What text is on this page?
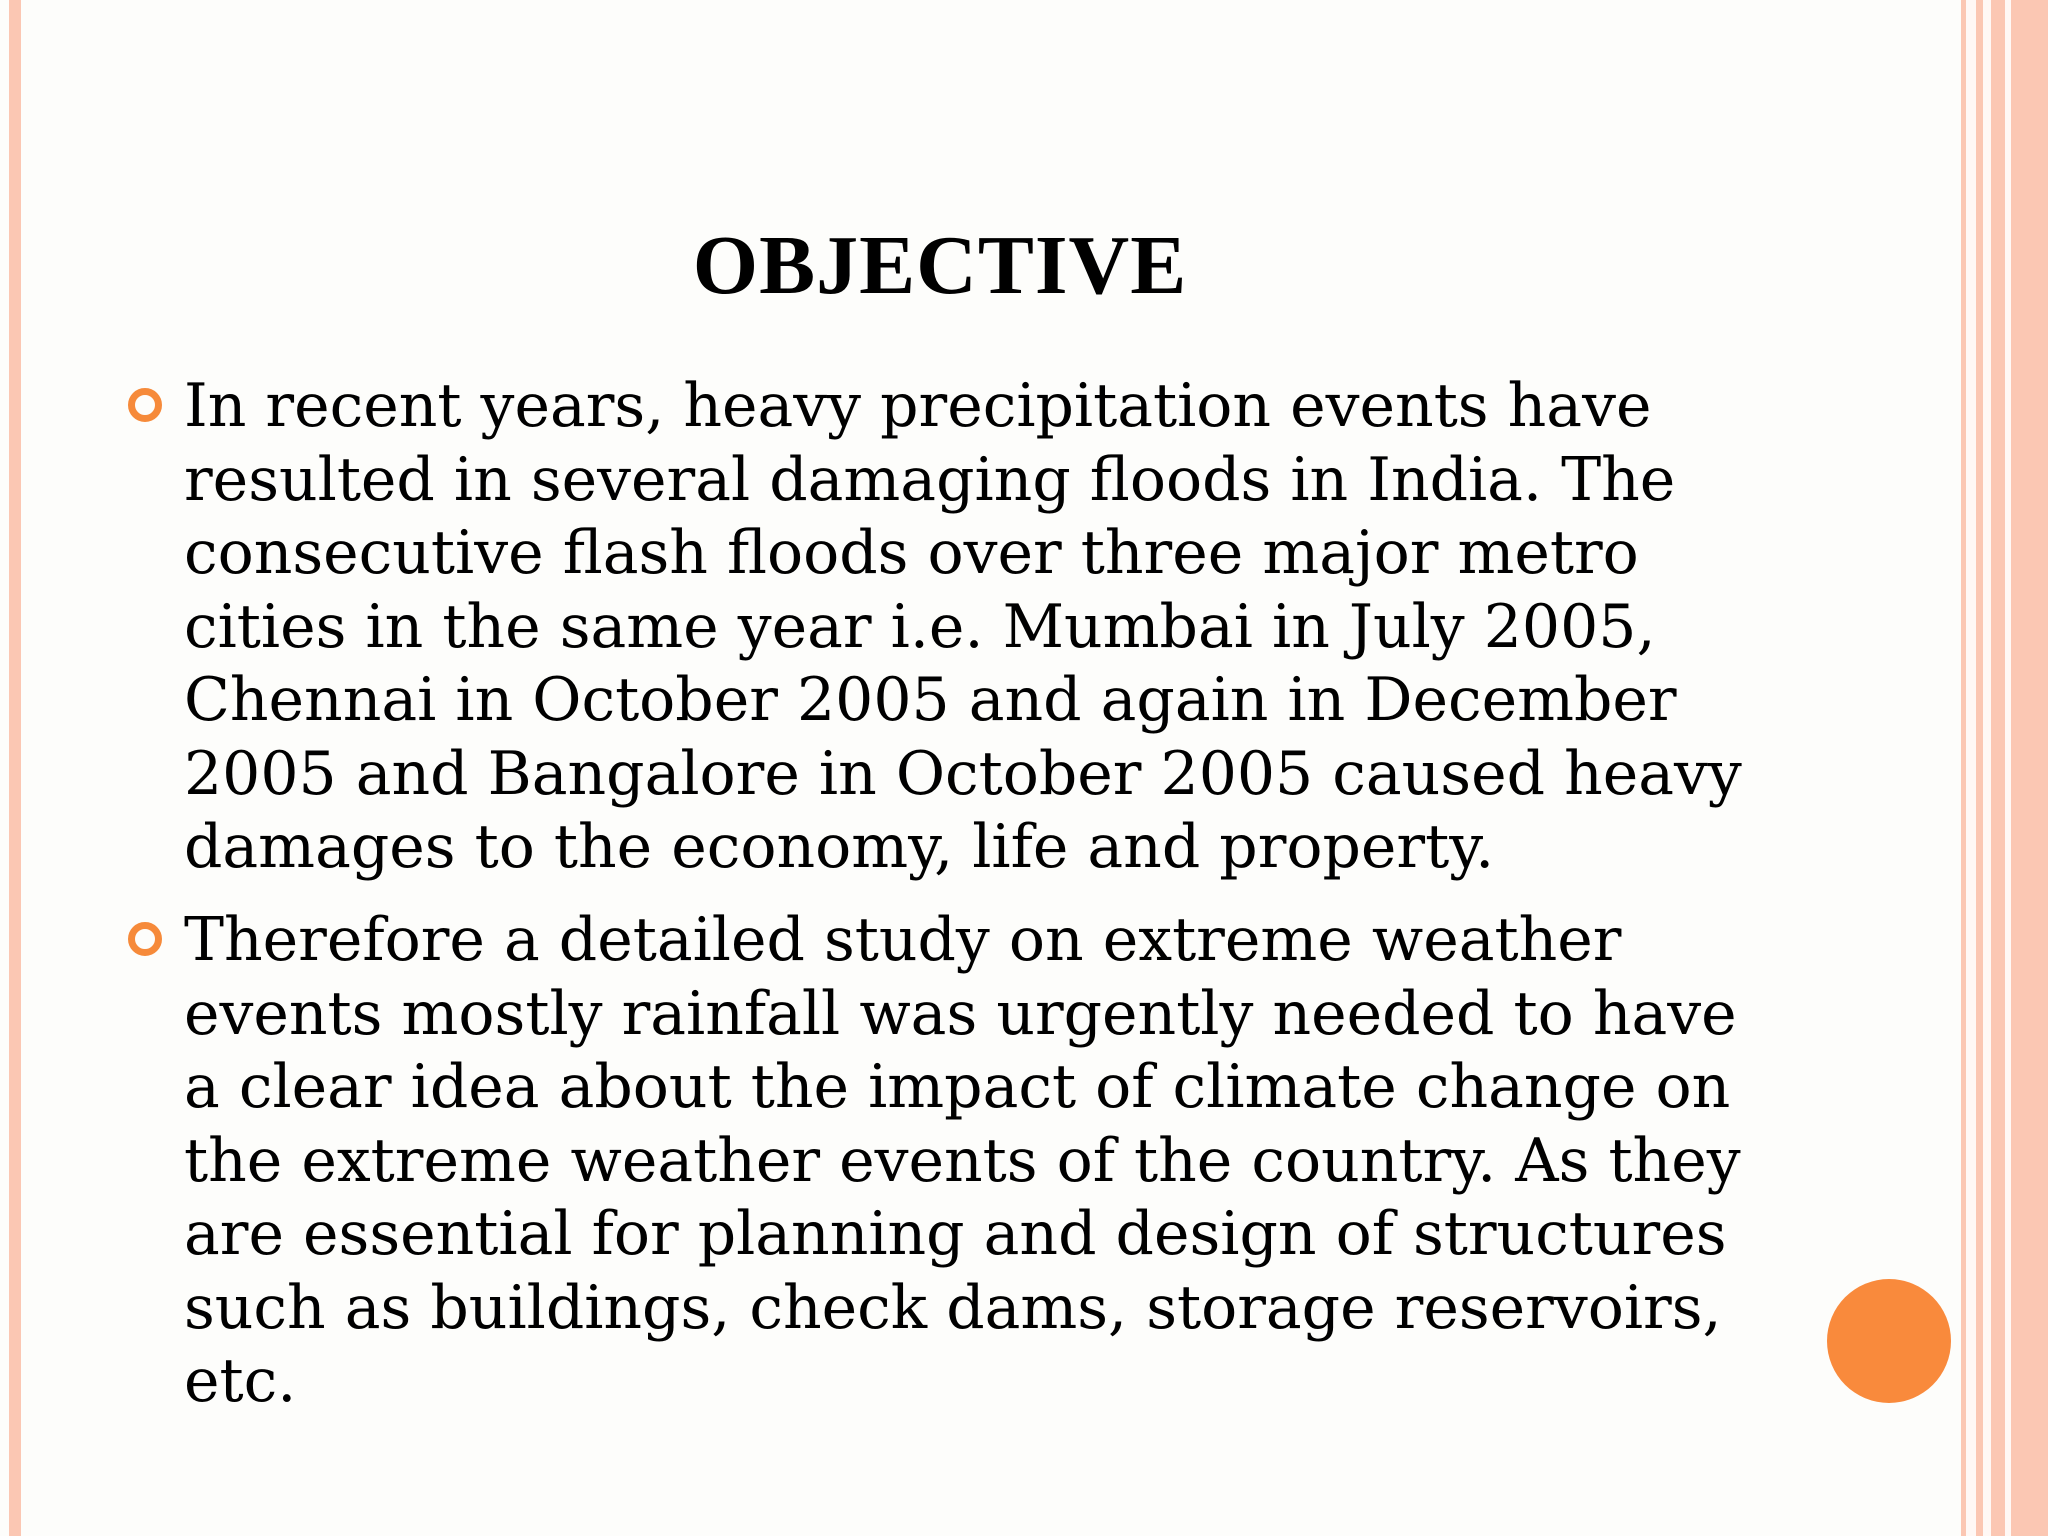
OBJECTIVE
In recent years, heavy precipitation events have resulted in several damaging floods in India. The consecutive flash floods over three major metro cities in the same year i.e. Mumbai in July 2005, Chennai in October 2005 and again in December 2005 and Bangalore in October 2005 caused heavy damages to the economy, life and property.
Therefore a detailed study on extreme weather events mostly rainfall was urgently needed to have a clear idea about the impact of climate change on the extreme weather events of the country. As they are essential for planning and design of structures such as buildings, check dams, storage reservoirs, etc.
